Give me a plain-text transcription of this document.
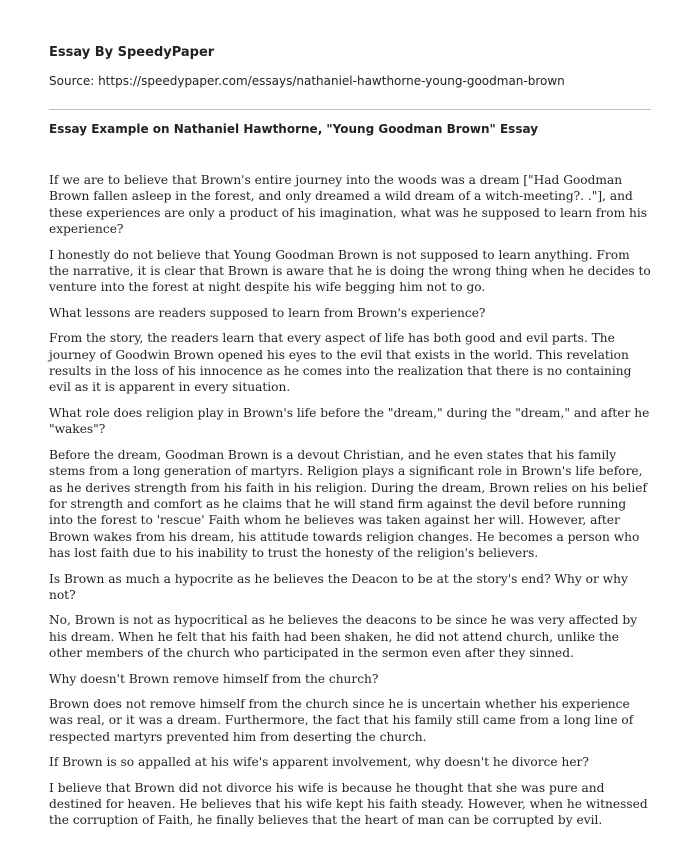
Essay By SpeedyPaper
Source: https://speedypaper.com/essays/nathaniel-hawthorne-young-goodman-brown
Essay Example on Nathaniel Hawthorne, "Young Goodman Brown" Essay

If we are to believe that Brown's entire journey into the woods was a dream ["Had Goodman Brown fallen asleep in the forest, and only dreamed a wild dream of a witch-meeting?. ."], and these experiences are only a product of his imagination, what was he supposed to learn from his experience?

I honestly do not believe that Young Goodman Brown is not supposed to learn anything. From the narrative, it is clear that Brown is aware that he is doing the wrong thing when he decides to venture into the forest at night despite his wife begging him not to go.

What lessons are readers supposed to learn from Brown's experience?

From the story, the readers learn that every aspect of life has both good and evil parts. The journey of Goodwin Brown opened his eyes to the evil that exists in the world. This revelation results in the loss of his innocence as he comes into the realization that there is no containing evil as it is apparent in every situation.

What role does religion play in Brown's life before the "dream," during the "dream," and after he "wakes"?

Before the dream, Goodman Brown is a devout Christian, and he even states that his family stems from a long generation of martyrs. Religion plays a significant role in Brown's life before, as he derives strength from his faith in his religion. During the dream, Brown relies on his belief for strength and comfort as he claims that he will stand firm against the devil before running into the forest to 'rescue' Faith whom he believes was taken against her will. However, after Brown wakes from his dream, his attitude towards religion changes. He becomes a person who has lost faith due to his inability to trust the honesty of the religion's believers.

Is Brown as much a hypocrite as he believes the Deacon to be at the story's end? Why or why not?

No, Brown is not as hypocritical as he believes the deacons to be since he was very affected by his dream. When he felt that his faith had been shaken, he did not attend church, unlike the other members of the church who participated in the sermon even after they sinned.

Why doesn't Brown remove himself from the church?

Brown does not remove himself from the church since he is uncertain whether his experience was real, or it was a dream. Furthermore, the fact that his family still came from a long line of respected martyrs prevented him from deserting the church.

If Brown is so appalled at his wife's apparent involvement, why doesn't he divorce her?

I believe that Brown did not divorce his wife is because he thought that she was pure and destined for heaven. He believes that his wife kept his faith steady. However, when he witnessed the corruption of Faith, he finally believes that the heart of man can be corrupted by evil.
